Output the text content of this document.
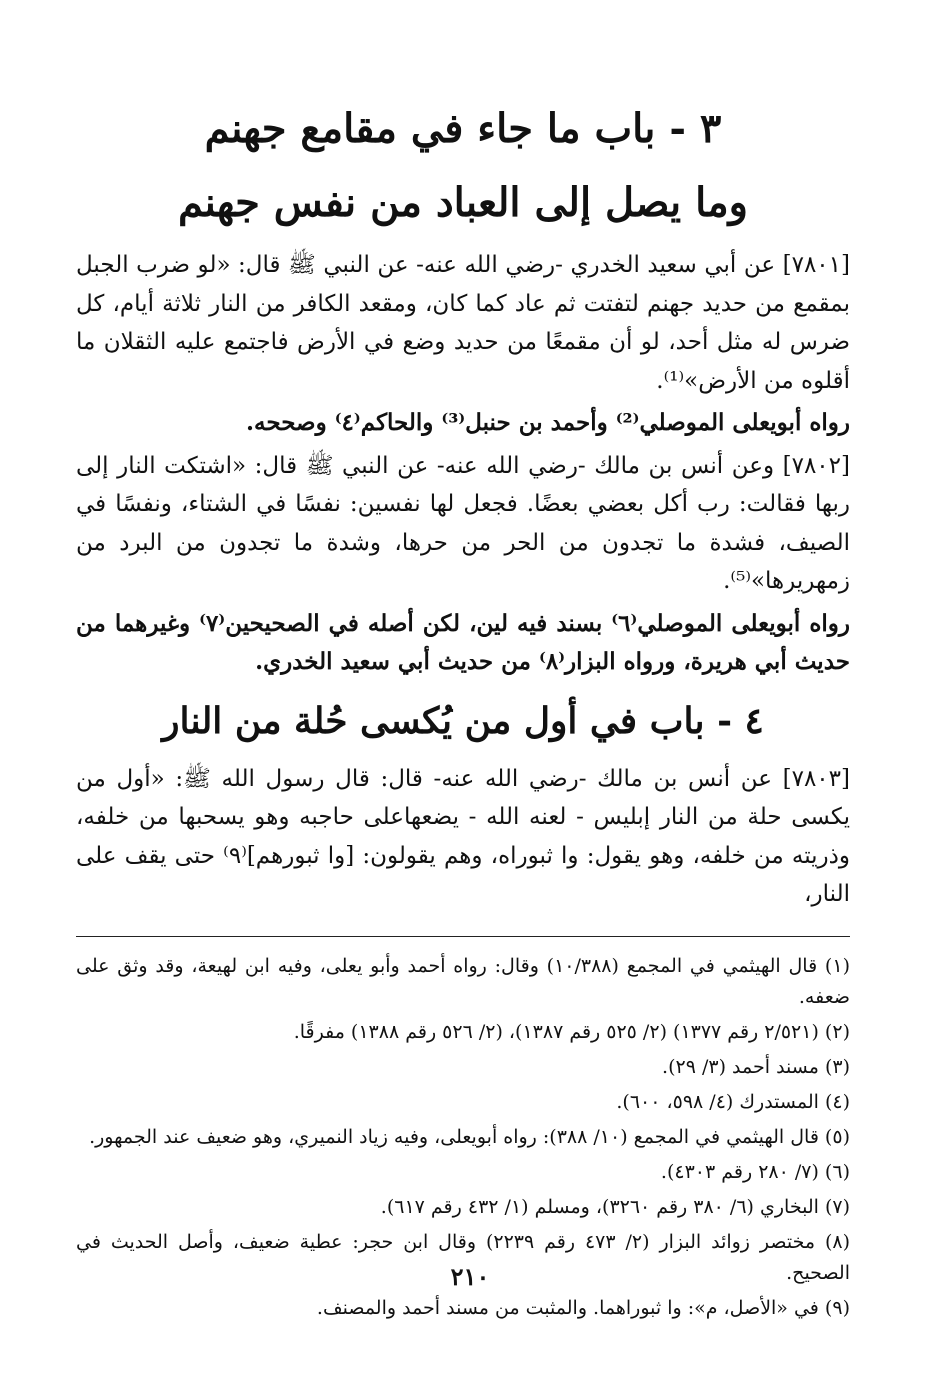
٣ - باب ما جاء في مقامع جهنم
وما يصل إلى العباد من نفس جهنم

[٧٨٠١] عن أبي سعيد الخدري -رضي الله عنه- عن النبي ﷺ قال: «لو ضرب الجبل بمقمع من حديد جهنم لتفتت ثم عاد كما كان، ومقعد الكافر من النار ثلاثة أيام، كل ضرس له مثل أحد، لو أن مقمعًا من حديد وضع في الأرض فاجتمع عليه الثقلان ما أقلوه من الأرض»⁽¹⁾.

رواه أبويعلى الموصلي⁽²⁾ وأحمد بن حنبل⁽³⁾ والحاكم⁽٤⁾ وصححه.

[٧٨٠٢] وعن أنس بن مالك -رضي الله عنه- عن النبي ﷺ قال: «اشتكت النار إلى ربها فقالت: رب أكل بعضي بعضًا. فجعل لها نفسين: نفسًا في الشتاء، ونفسًا في الصيف، فشدة ما تجدون من الحر من حرها، وشدة ما تجدون من البرد من زمهريرها»⁽⁵⁾.

رواه أبويعلى الموصلي⁽٦⁾ بسند فيه لين، لكن أصله في الصحيحين⁽٧⁾ وغيرهما من حديث أبي هريرة، ورواه البزار⁽٨⁾ من حديث أبي سعيد الخدري.

٤ - باب في أول من يُكسى حُلة من النار

[٧٨٠٣] عن أنس بن مالك -رضي الله عنه- قال: قال رسول الله ﷺ: «أول من يكسى حلة من النار إبليس - لعنه الله - يضعهاعلى حاجبه وهو يسحبها من خلفه، وذريته من خلفه، وهو يقول: وا ثبوراه، وهم يقولون: [وا ثبورهم]⁽٩⁾ حتى يقف على النار،

(١) قال الهيثمي في المجمع (١٠/٣٨٨) وقال: رواه أحمد وأبو يعلى، وفيه ابن لهيعة، وقد وثق على ضعفه.
(٢) (٢/٥٢١ رقم ١٣٧٧) (٢/ ٥٢٥ رقم ١٣٨٧)، (٢/ ٥٢٦ رقم ١٣٨٨) مفرقًا.
(٣) مسند أحمد (٣/ ٢٩).
(٤) المستدرك (٤/ ٥٩٨، ٦٠٠).
(٥) قال الهيثمي في المجمع (١٠/ ٣٨٨): رواه أبويعلى، وفيه زياد النميري، وهو ضعيف عند الجمهور.
(٦) (٧/ ٢٨٠ رقم ٤٣٠٣).
(٧) البخاري (٦/ ٣٨٠ رقم ٣٢٦٠)، ومسلم (١/ ٤٣٢ رقم ٦١٧).
(٨) مختصر زوائد البزار (٢/ ٤٧٣ رقم ٢٢٣٩) وقال ابن حجر: عطية ضعيف، وأصل الحديث في الصحيح.
(٩) في «الأصل، م»: وا ثبوراهما. والمثبت من مسند أحمد والمصنف.
٢١٠
